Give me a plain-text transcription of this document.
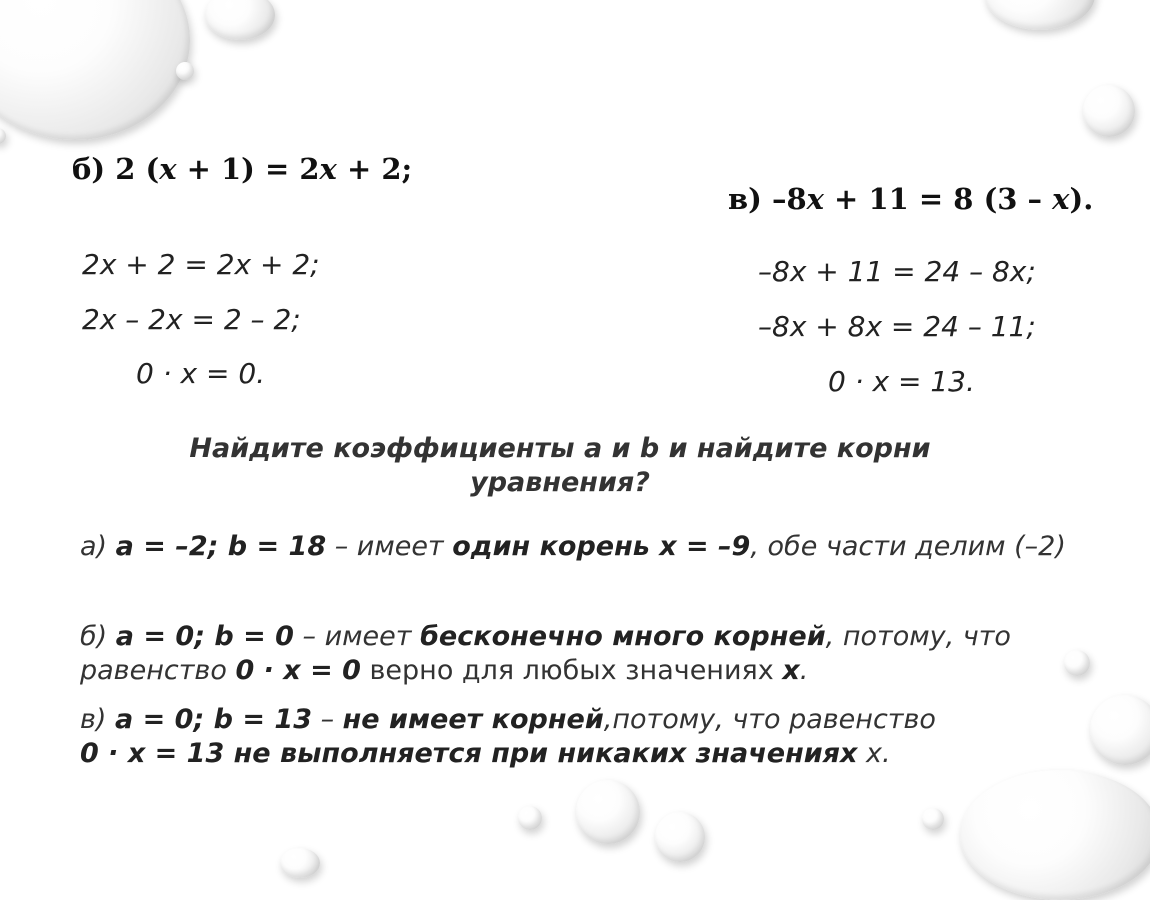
б) 2 (x + 1) = 2x + 2;
2x + 2 = 2x + 2;
2x – 2x = 2 – 2;
0 · x = 0.
в) –8x + 11 = 8 (3 – x).
–8x + 11 = 24 – 8x;
–8x + 8x = 24 – 11;
0 · x = 13.
Найдите коэффициенты a и b и найдите корни уравнения?
а) a = –2; b = 18 – имеет один корень х = –9, обе части делим (–2)
б) a = 0; b = 0 – имеет бесконечно много корней, потому, что равенство 0 · х = 0 верно для любых значениях х.
в) a = 0; b = 13 – не имеет корней,потому, что равенство 0 · х = 13 не выполняется при никаких значениях х.
